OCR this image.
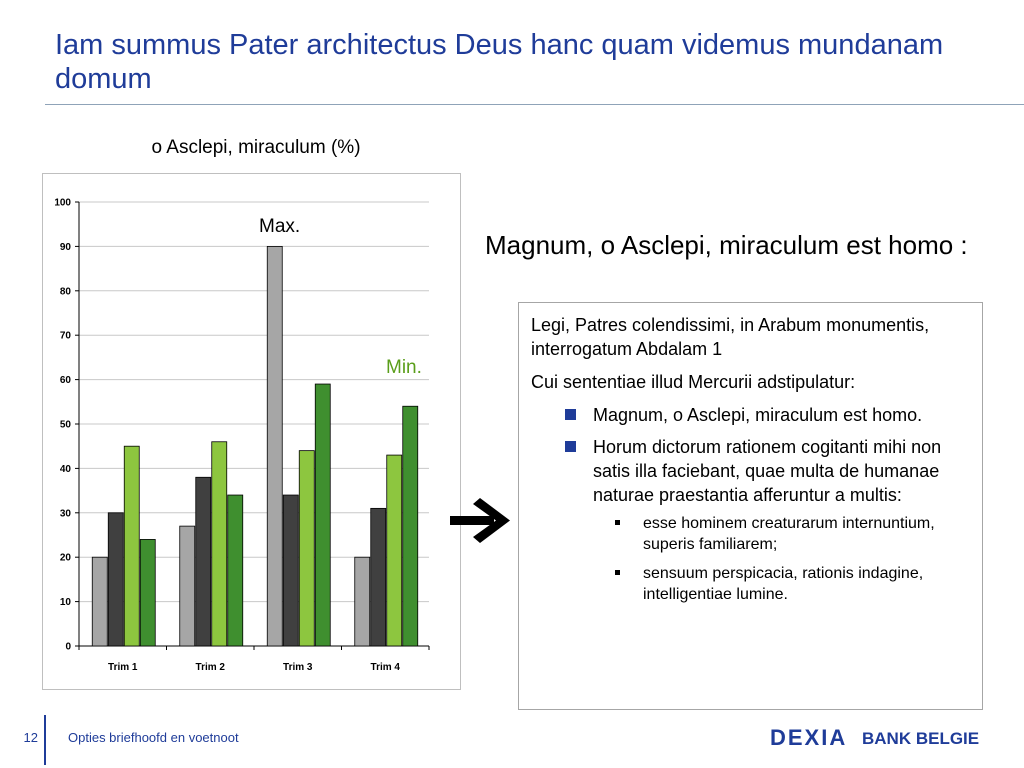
Iam summus Pater architectus Deus hanc quam videmus mundanam domum
o Asclepi, miraculum (%)
0
10
20
30
40
50
60
70
80
90
100
Trim 1	Trim 2	Trim 3	Trim 4
Max.
Min.
Magnum, o Asclepi, miraculum est homo :

Legi, Patres colendissimi, in Arabum monumentis, interrogatum Abdalam 1

Cui sententiae illud Mercurii adstipulatur:

Magnum, o Asclepi, miraculum est homo.
Horum dictorum rationem cogitanti mihi non satis illa faciebant, quae multa de humanae naturae praestantia afferuntur a multis:
esse hominem creaturarum internuntium, superis familiarem;
sensuum perspicacia, rationis indagine, intelligentiae lumine.
12 Opties briefhoofd en voetnoot	DEXIA BANK BELGIE
